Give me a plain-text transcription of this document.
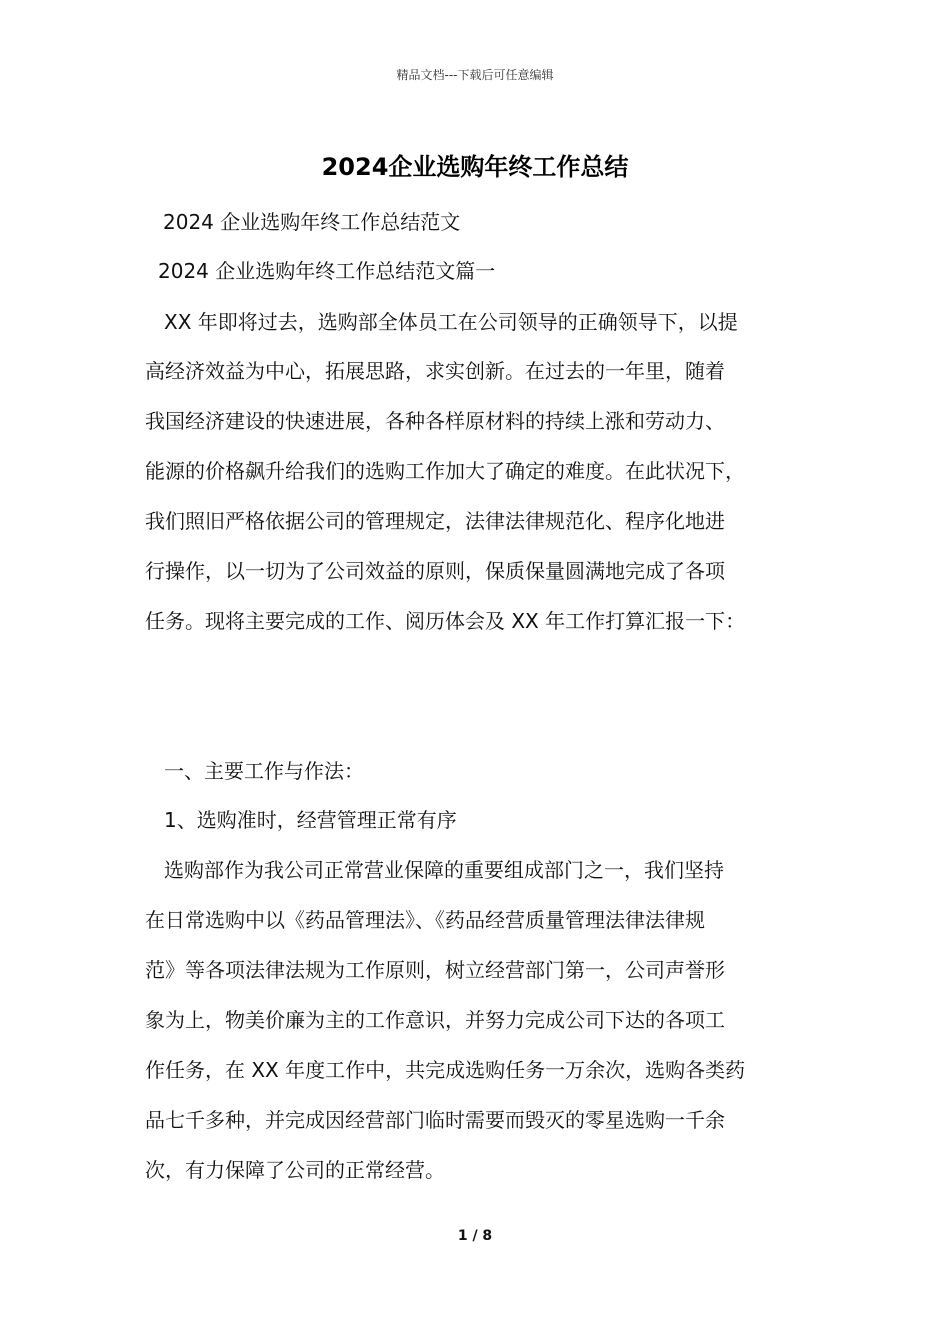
精品文档---下载后可任意编辑
2024企业选购年终工作总结
2024 企业选购年终工作总结范文
2024 企业选购年终工作总结范文篇一
XX 年即将过去，选购部全体员工在公司领导的正确领导下，以提
高经济效益为中心，拓展思路，求实创新。在过去的一年里，随着
我国经济建设的快速进展，各种各样原材料的持续上涨和劳动力、
能源的价格飙升给我们的选购工作加大了确定的难度。在此状况下，
我们照旧严格依据公司的管理规定，法律法律规范化、程序化地进
行操作，以一切为了公司效益的原则，保质保量圆满地完成了各项
任务。现将主要完成的工作、阅历体会及 XX 年工作打算汇报一下：
一、主要工作与作法：
1、选购准时，经营管理正常有序
选购部作为我公司正常营业保障的重要组成部门之一，我们坚持
在日常选购中以《药品管理法》、《药品经营质量管理法律法律规
范》等各项法律法规为工作原则，树立经营部门第一，公司声誉形
象为上，物美价廉为主的工作意识，并努力完成公司下达的各项工
作任务，在 XX 年度工作中，共完成选购任务一万余次，选购各类药
品七千多种，并完成因经营部门临时需要而毁灭的零星选购一千余
次，有力保障了公司的正常经营。
1 / 8
